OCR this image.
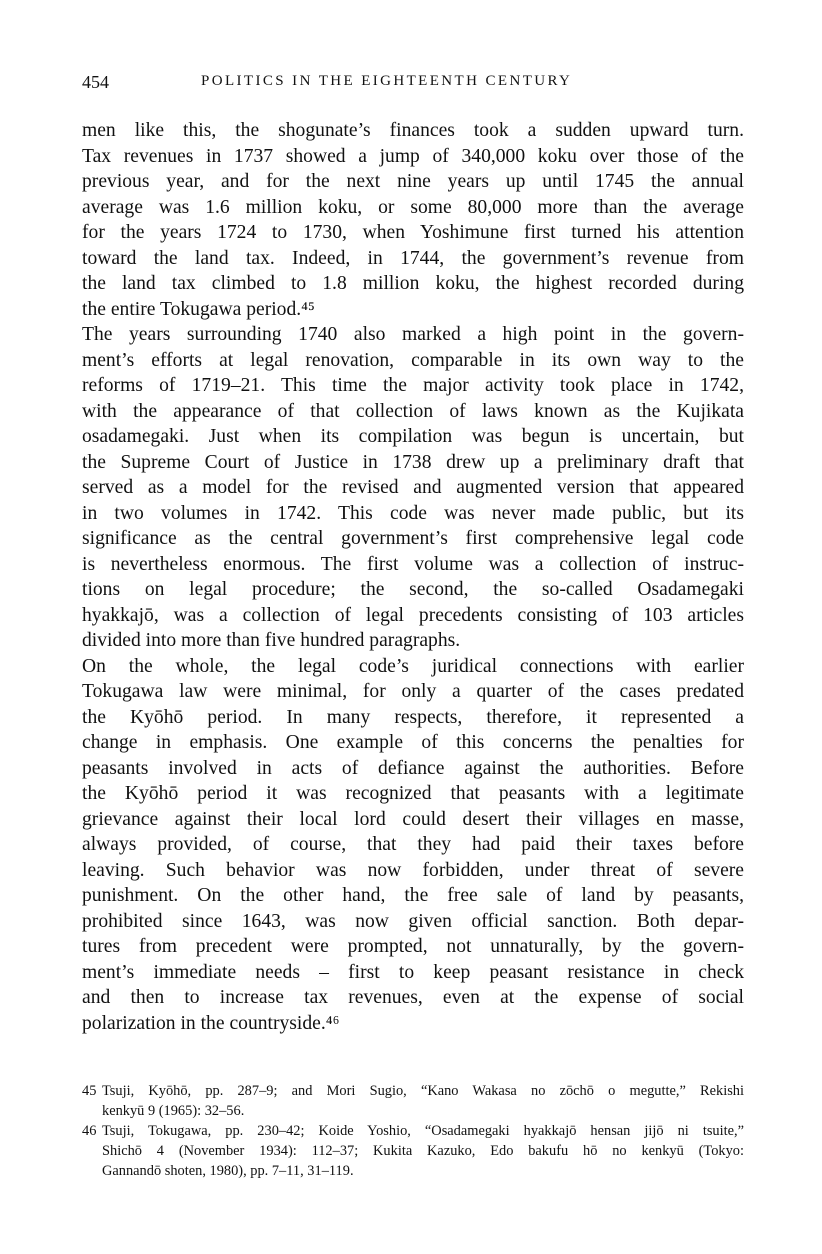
454	POLITICS IN THE EIGHTEENTH CENTURY

men like this, the shogunate’s finances took a sudden upward turn.
Tax revenues in 1737 showed a jump of 340,000 koku over those of the
previous year, and for the next nine years up until 1745 the annual
average was 1.6 million koku, or some 80,000 more than the average
for the years 1724 to 1730, when Yoshimune first turned his attention
toward the land tax. Indeed, in 1744, the government’s revenue from
the land tax climbed to 1.8 million koku, the highest recorded during
the entire Tokugawa period.⁴⁵

The years surrounding 1740 also marked a high point in the govern-
ment’s efforts at legal renovation, comparable in its own way to the
reforms of 1719–21. This time the major activity took place in 1742,
with the appearance of that collection of laws known as the Kujikata
osadamegaki. Just when its compilation was begun is uncertain, but
the Supreme Court of Justice in 1738 drew up a preliminary draft that
served as a model for the revised and augmented version that appeared
in two volumes in 1742. This code was never made public, but its
significance as the central government’s first comprehensive legal code
is nevertheless enormous. The first volume was a collection of instruc-
tions on legal procedure; the second, the so-called Osadamegaki
hyakkajō, was a collection of legal precedents consisting of 103 articles
divided into more than five hundred paragraphs.

On the whole, the legal code’s juridical connections with earlier
Tokugawa law were minimal, for only a quarter of the cases predated
the Kyōhō period. In many respects, therefore, it represented a
change in emphasis. One example of this concerns the penalties for
peasants involved in acts of defiance against the authorities. Before
the Kyōhō period it was recognized that peasants with a legitimate
grievance against their local lord could desert their villages en masse,
always provided, of course, that they had paid their taxes before
leaving. Such behavior was now forbidden, under threat of severe
punishment. On the other hand, the free sale of land by peasants,
prohibited since 1643, was now given official sanction. Both depar-
tures from precedent were prompted, not unnaturally, by the govern-
ment’s immediate needs – first to keep peasant resistance in check
and then to increase tax revenues, even at the expense of social
polarization in the countryside.⁴⁶

45 Tsuji, Kyōhō, pp. 287–9; and Mori Sugio, “Kano Wakasa no zōchō o megutte,” Rekishi
kenkyū 9 (1965): 32–56.
46 Tsuji, Tokugawa, pp. 230–42; Koide Yoshio, “Osadamegaki hyakkajō hensan jijō ni tsuite,”
Shichō 4 (November 1934): 112–37; Kukita Kazuko, Edo bakufu hō no kenkyū (Tokyo:
Gannandō shoten, 1980), pp. 7–11, 31–119.
